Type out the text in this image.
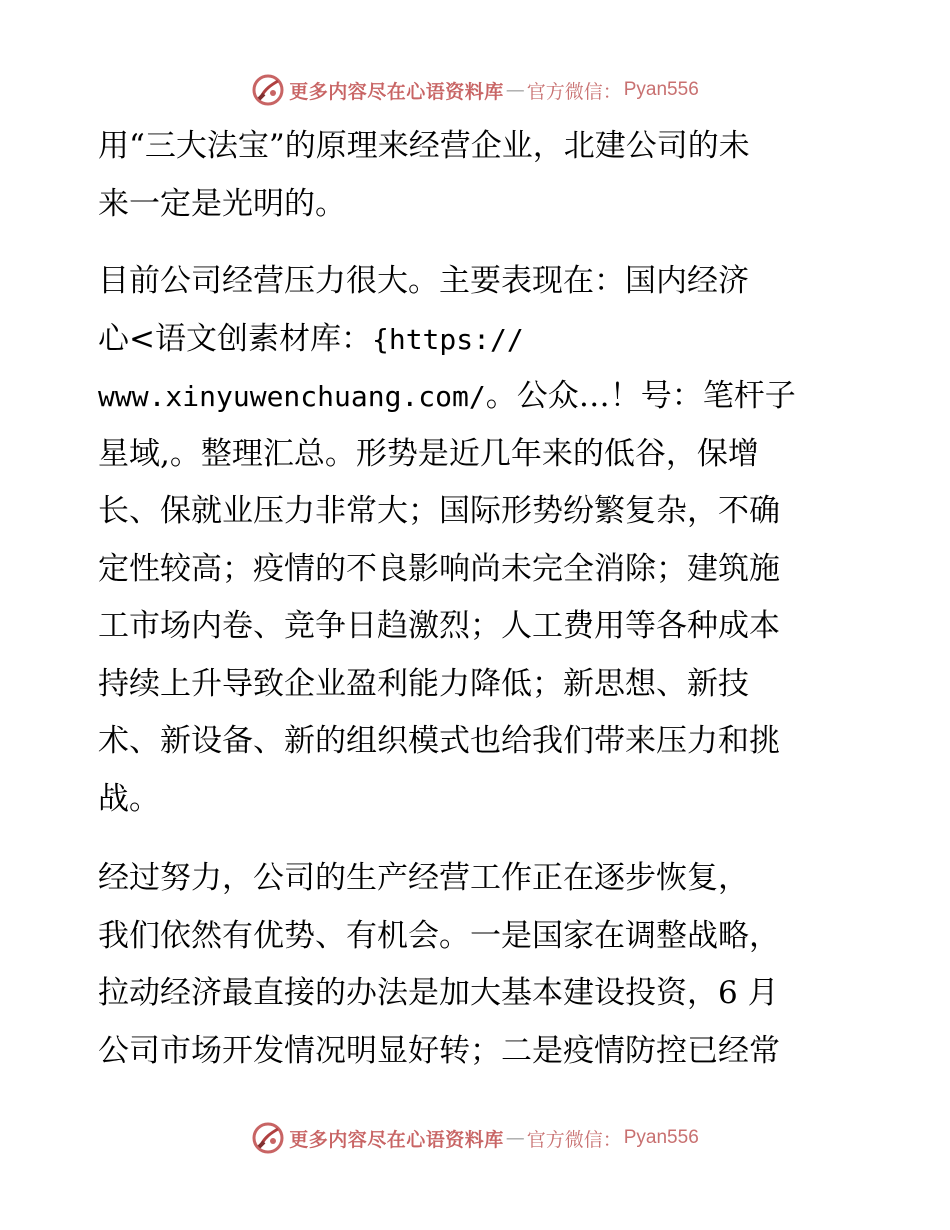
更多内容尽在心语资料库 — 官方微信： Pyan556
用“三大法宝”的原理来经营企业，北建公司的未
来一定是光明的。
目前公司经营压力很大。主要表现在：国内经济
心<语文创素材库：{https://
www.xinyuwenchuang.com/。公众…！号：笔杆子
星域,。整理汇总。形势是近几年来的低谷，保增
长、保就业压力非常大；国际形势纷繁复杂，不确
定性较高；疫情的不良影响尚未完全消除；建筑施
工市场内卷、竞争日趋激烈；人工费用等各种成本
持续上升导致企业盈利能力降低；新思想、新技
术、新设备、新的组织模式也给我们带来压力和挑
战。
经过努力，公司的生产经营工作正在逐步恢复，
我们依然有优势、有机会。一是国家在调整战略，
拉动经济最直接的办法是加大基本建设投资，6 月
公司市场开发情况明显好转；二是疫情防控已经常
更多内容尽在心语资料库 — 官方微信： Pyan556
